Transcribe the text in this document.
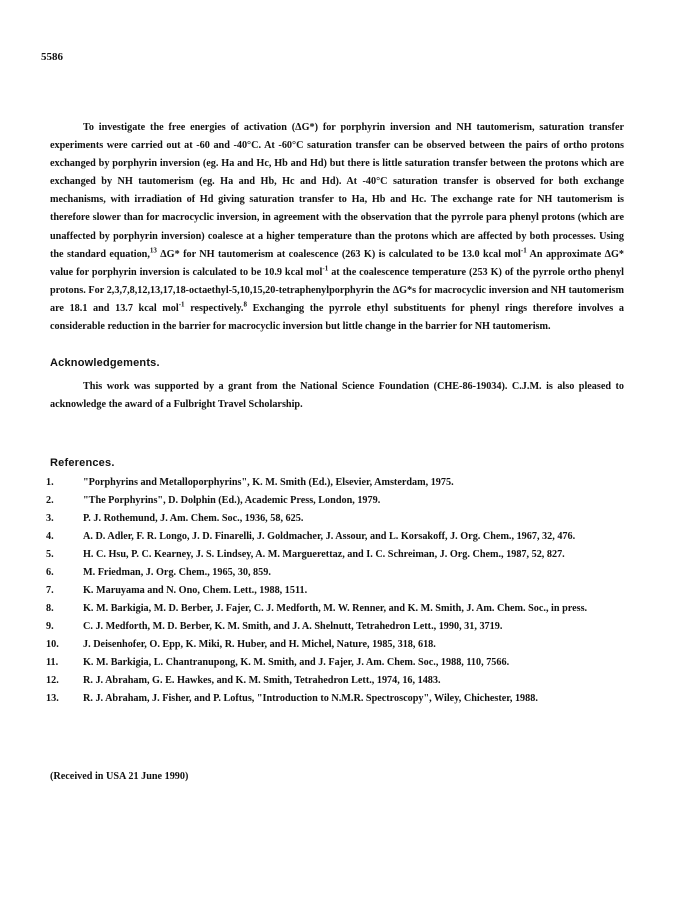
5586

To investigate the free energies of activation (ΔG*) for porphyrin inversion and NH tautomerism, saturation transfer experiments were carried out at -60 and -40°C. At -60°C saturation transfer can be observed between the pairs of ortho protons exchanged by porphyrin inversion (eg. Ha and Hc, Hb and Hd) but there is little saturation transfer between the protons which are exchanged by NH tautomerism (eg. Ha and Hb, Hc and Hd). At -40°C saturation transfer is observed for both exchange mechanisms, with irradiation of Hd giving saturation transfer to Ha, Hb and Hc. The exchange rate for NH tautomerism is therefore slower than for macrocyclic inversion, in agreement with the observation that the pyrrole para phenyl protons (which are unaffected by porphyrin inversion) coalesce at a higher temperature than the protons which are affected by both processes. Using the standard equation,$^{13}$ ΔG* for NH tautomerism at coalescence (263 K) is calculated to be 13.0 kcal mol$^{-1}$ An approximate ΔG* value for porphyrin inversion is calculated to be 10.9 kcal mol$^{-1}$ at the coalescence temperature (253 K) of the pyrrole ortho phenyl protons. For 2,3,7,8,12,13,17,18-octaethyl-5,10,15,20-tetraphenylporphyrin the ΔG*s for macrocyclic inversion and NH tautomerism are 18.1 and 13.7 kcal mol$^{-1}$ respectively.$^8$ Exchanging the pyrrole ethyl substituents for phenyl rings therefore involves a considerable reduction in the barrier for macrocyclic inversion but little change in the barrier for NH tautomerism.

Acknowledgements.

This work was supported by a grant from the National Science Foundation (CHE-86-19034). C.J.M. is also pleased to acknowledge the award of a Fulbright Travel Scholarship.

References.
1.	"Porphyrins and Metalloporphyrins", K. M. Smith (Ed.), Elsevier, Amsterdam, 1975.
2.	"The Porphyrins", D. Dolphin (Ed.), Academic Press, London, 1979.
3.	P. J. Rothemund, J. Am. Chem. Soc., 1936, 58, 625.
4.	A. D. Adler, F. R. Longo, J. D. Finarelli, J. Goldmacher, J. Assour, and L. Korsakoff, J. Org. Chem., 1967, 32, 476.
5.	H. C. Hsu, P. C. Kearney, J. S. Lindsey, A. M. Marguerettaz, and I. C. Schreiman, J. Org. Chem., 1987, 52, 827.
6.	M. Friedman, J. Org. Chem., 1965, 30, 859.
7.	K. Maruyama and N. Ono, Chem. Lett., 1988, 1511.
8.	K. M. Barkigia, M. D. Berber, J. Fajer, C. J. Medforth, M. W. Renner, and K. M. Smith, J. Am. Chem. Soc., in press.
9.	C. J. Medforth, M. D. Berber, K. M. Smith, and J. A. Shelnutt, Tetrahedron Lett., 1990, 31, 3719.
10.	J. Deisenhofer, O. Epp, K. Miki, R. Huber, and H. Michel, Nature, 1985, 318, 618.
11.	K. M. Barkigia, L. Chantranupong, K. M. Smith, and J. Fajer, J. Am. Chem. Soc., 1988, 110, 7566.
12.	R. J. Abraham, G. E. Hawkes, and K. M. Smith, Tetrahedron Lett., 1974, 16, 1483.
13.	R. J. Abraham, J. Fisher, and P. Loftus, "Introduction to N.M.R. Spectroscopy", Wiley, Chichester, 1988.
(Received in USA 21 June 1990)
